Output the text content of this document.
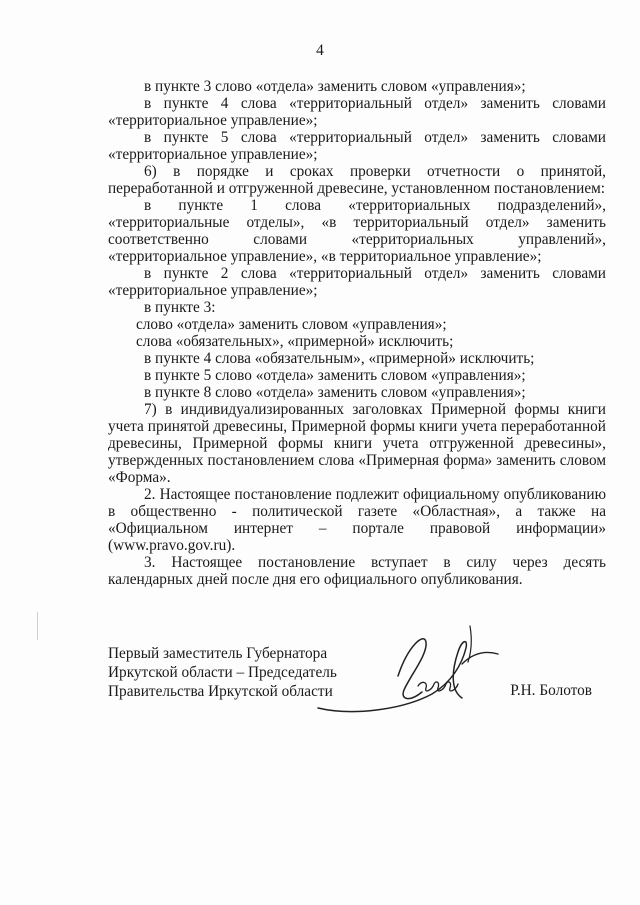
4

в пункте 3 слово «отдела» заменить словом «управления»;

в пункте 4 слова «территориальный отдел» заменить словами «территориальное управление»;

в пункте 5 слова «территориальный отдел» заменить словами «территориальное управление»;

6) в порядке и сроках проверки отчетности о принятой, переработанной и отгруженной древесине, установленном постановлением:

в пункте 1 слова «территориальных подразделений», «территориальные отделы», «в территориальный отдел» заменить соответственно словами «территориальных управлений», «территориальное управление», «в территориальное управление»;

в пункте 2 слова «территориальный отдел» заменить словами «территориальное управление»;

в пункте 3:

слово «отдела» заменить словом «управления»;

слова «обязательных», «примерной» исключить;

в пункте 4 слова «обязательным», «примерной» исключить;

в пункте 5 слово «отдела» заменить словом «управления»;

в пункте 8 слово «отдела» заменить словом «управления»;

7) в индивидуализированных заголовках Примерной формы книги учета принятой древесины, Примерной формы книги учета переработанной древесины, Примерной формы книги учета отгруженной древесины», утвержденных постановлением слова «Примерная форма» заменить словом «Форма».

2. Настоящее постановление подлежит официальному опубликованию в общественно - политической газете «Областная», а также на «Официальном интернет – портале правовой информации» (www.pravo.gov.ru).

3. Настоящее постановление вступает в силу через десять календарных дней после дня его официального опубликования.

Первый заместитель Губернатора

Иркутской области – Председатель

Правительства Иркутской области	Р.Н. Болотов
